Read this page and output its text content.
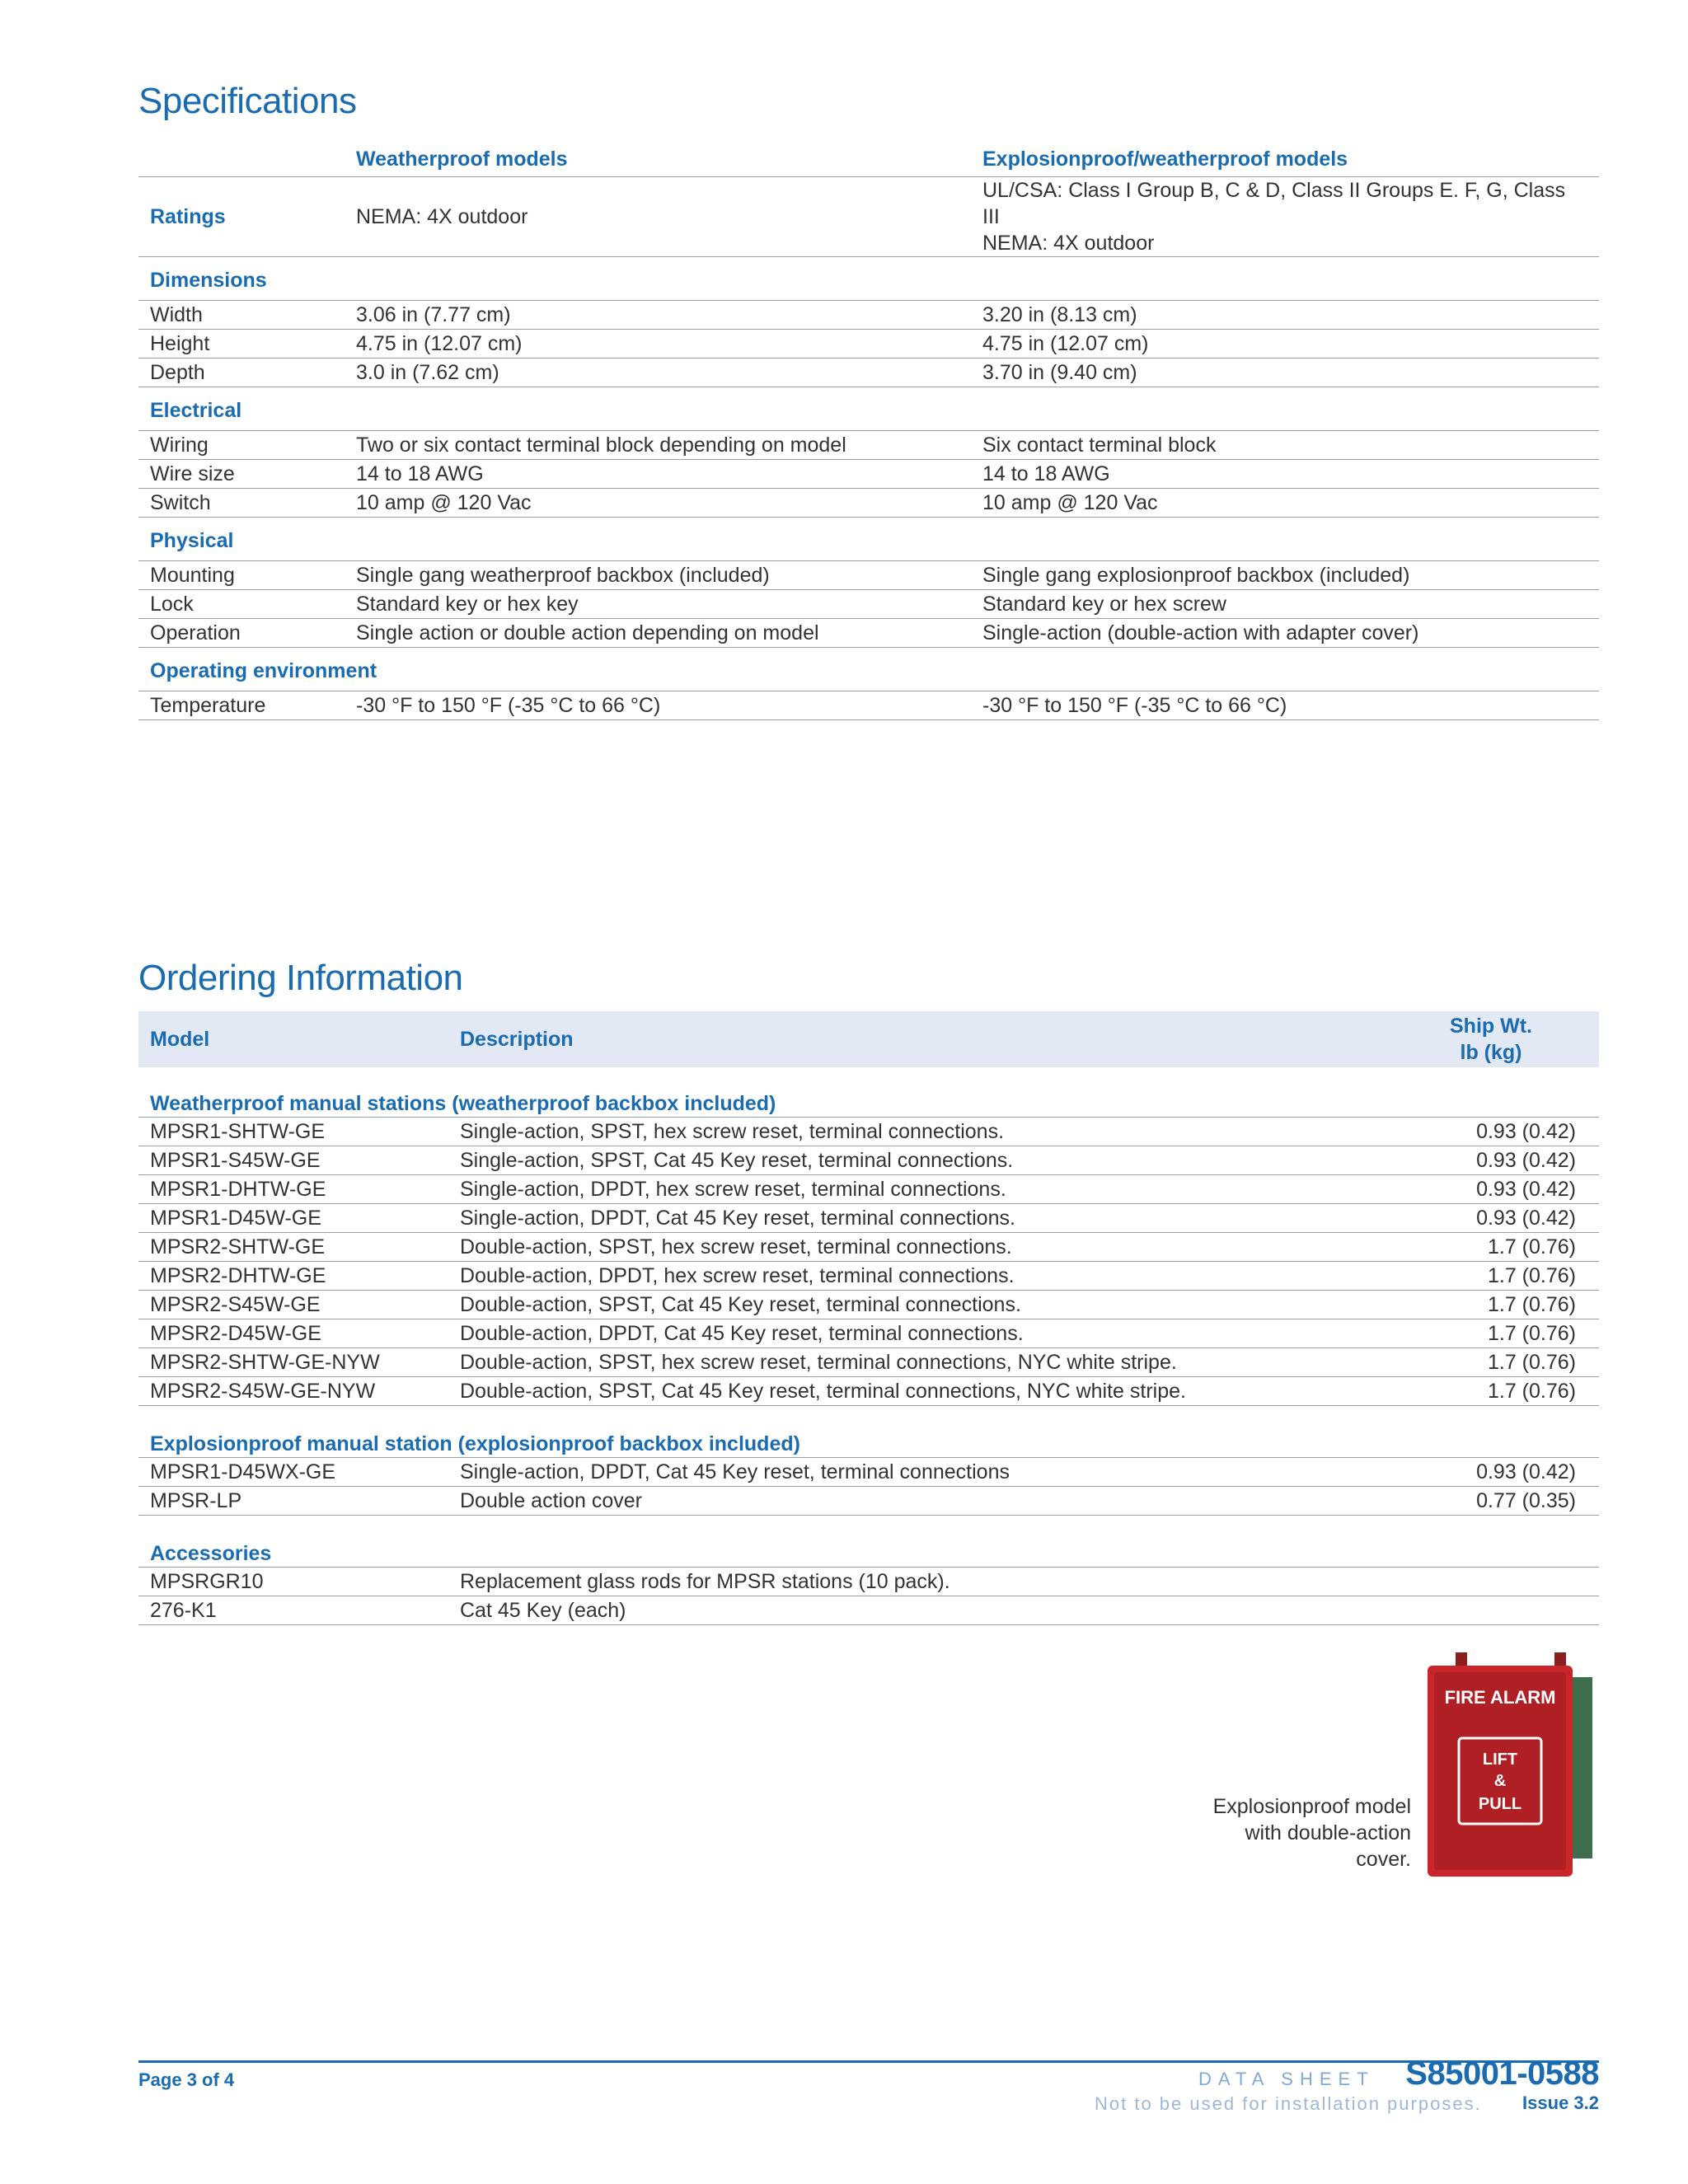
Specifications
	Weatherproof models	Explosionproof/weatherproof models
Ratings	NEMA: 4X outdoor	UL/CSA: Class I Group B, C & D, Class II Groups E. F, G, Class III
NEMA: 4X outdoor

Dimensions		
Width	3.06 in (7.77 cm)	3.20 in (8.13 cm)
Height	4.75 in (12.07 cm)	4.75 in (12.07 cm)
Depth	3.0 in (7.62 cm)	3.70 in (9.40 cm)
Electrical		
Wiring	Two or six contact terminal block depending on model	Six contact terminal block
Wire size	14 to 18 AWG	14 to 18 AWG
Switch	10 amp @ 120 Vac	10 amp @ 120 Vac
Physical		
Mounting	Single gang weatherproof backbox (included)	Single gang explosionproof backbox (included)
Lock	Standard key or hex key	Standard key or hex screw
Operation	Single action or double action depending on model	Single-action (double-action with adapter cover)
Operating environment		
Temperature	-30 °F to 150 °F (-35 °C to 66 °C)	-30 °F to 150 °F (-35 °C to 66 °C)
Ordering Information
Model	Description	Ship Wt.
lb (kg)

Weatherproof manual stations (weatherproof backbox included)		
MPSR1-SHTW-GE	Single-action, SPST, hex screw reset, terminal connections.	0.93 (0.42)
MPSR1-S45W-GE	Single-action, SPST, Cat 45 Key reset, terminal connections.	0.93 (0.42)
MPSR1-DHTW-GE	Single-action, DPDT, hex screw reset, terminal connections.	0.93 (0.42)
MPSR1-D45W-GE	Single-action, DPDT, Cat 45 Key reset, terminal connections.	0.93 (0.42)
MPSR2-SHTW-GE	Double-action, SPST, hex screw reset, terminal connections.	1.7 (0.76)
MPSR2-DHTW-GE	Double-action, DPDT, hex screw reset, terminal connections.	1.7 (0.76)
MPSR2-S45W-GE	Double-action, SPST, Cat 45 Key reset, terminal connections.	1.7 (0.76)
MPSR2-D45W-GE	Double-action, DPDT, Cat 45 Key reset, terminal connections.	1.7 (0.76)
MPSR2-SHTW-GE-NYW	Double-action, SPST, hex screw reset, terminal connections, NYC white stripe.	1.7 (0.76)
MPSR2-S45W-GE-NYW	Double-action, SPST, Cat 45 Key reset, terminal connections, NYC white stripe.	1.7 (0.76)

Explosionproof manual station (explosionproof backbox included)		
MPSR1-D45WX-GE	Single-action, DPDT, Cat 45 Key reset, terminal connections	0.93 (0.42)
MPSR-LP	Double action cover	0.77 (0.35)

Accessories		
MPSRGR10	Replacement glass rods for MPSR stations (10 pack).	
276-K1	Cat 45 Key (each)	
Explosionproof model
with double-action
cover.
FIRE ALARM
LIFT
&
PULL
Page 3 of 4	DATA SHEET S85001-0588
Not to be used for installation purposes. Issue 3.2
